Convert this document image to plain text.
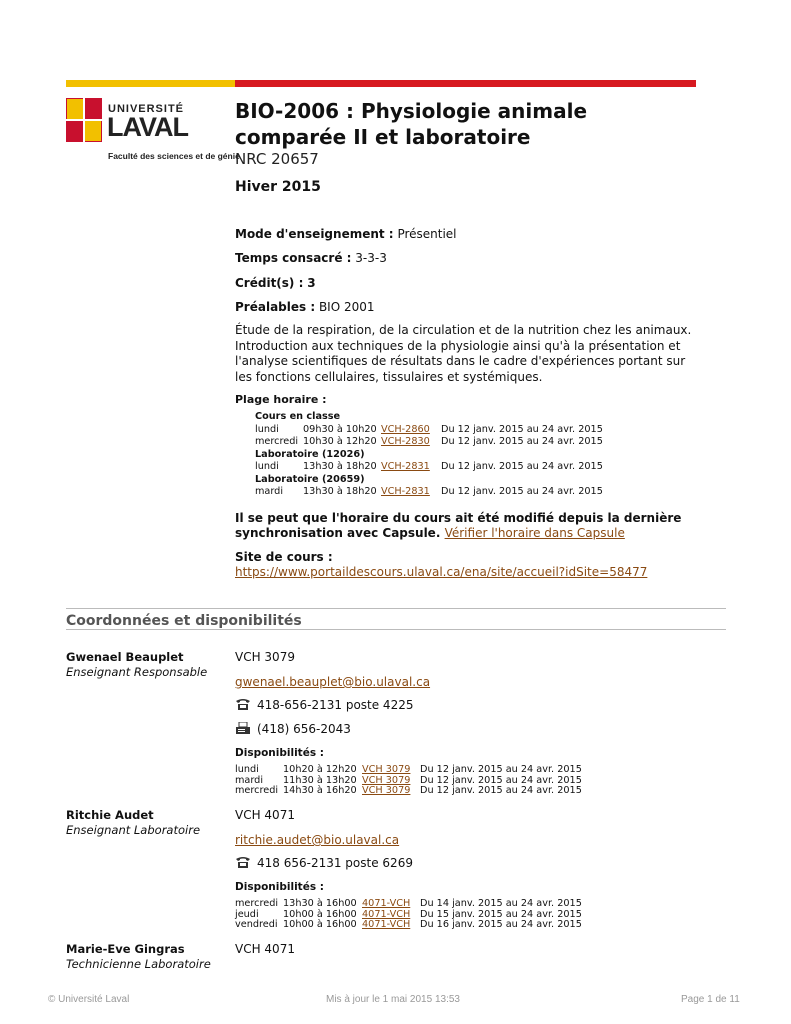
UNIVERSITÉ
LAVAL
Faculté des sciences et de génie
BIO-2006 : Physiologie animale comparée II et laboratoire
NRC 20657
Hiver 2015
Mode d'enseignement : Présentiel
Temps consacré : 3-3-3
Crédit(s) : 3
Préalables : BIO 2001
Étude de la respiration, de la circulation et de la nutrition chez les animaux. Introduction aux techniques de la physiologie ainsi qu'à la présentation et l'analyse scientifiques de résultats dans le cadre d'expériences portant sur les fonctions cellulaires, tissulaires et systémiques.
Plage horaire :
Cours en classe
lundi 09h30 à 10h20 VCH-2860 Du 12 janv. 2015 au 24 avr. 2015
mercredi 10h30 à 12h20 VCH-2830 Du 12 janv. 2015 au 24 avr. 2015
Laboratoire (12026)
lundi 13h30 à 18h20 VCH-2831 Du 12 janv. 2015 au 24 avr. 2015
Laboratoire (20659)
mardi 13h30 à 18h20 VCH-2831 Du 12 janv. 2015 au 24 avr. 2015
Il se peut que l'horaire du cours ait été modifié depuis la dernière synchronisation avec Capsule. Vérifier l'horaire dans Capsule
Site de cours :
https://www.portaildescours.ulaval.ca/ena/site/accueil?idSite=58477
Coordonnées et disponibilités
Gwenael Beauplet
Enseignant Responsable
VCH 3079
gwenael.beauplet@bio.ulaval.ca
418-656-2131 poste 4225
(418) 656-2043
Disponibilités :
lundi 10h20 à 12h20 VCH 3079 Du 12 janv. 2015 au 24 avr. 2015
mardi 11h30 à 13h20 VCH 3079 Du 12 janv. 2015 au 24 avr. 2015
mercredi 14h30 à 16h20 VCH 3079 Du 12 janv. 2015 au 24 avr. 2015
Ritchie Audet
Enseignant Laboratoire
VCH 4071
ritchie.audet@bio.ulaval.ca
418 656-2131 poste 6269
Disponibilités :
mercredi 13h30 à 16h00 4071-VCH Du 14 janv. 2015 au 24 avr. 2015
jeudi	10h00 à 16h00 4071-VCH Du 15 janv. 2015 au 24 avr. 2015
vendredi 10h00 à 16h00 4071-VCH Du 16 janv. 2015 au 24 avr. 2015
Marie-Eve Gingras
Technicienne Laboratoire
VCH 4071
© Université Laval	Mis à jour le 1 mai 2015 13:53	Page 1 de 11
